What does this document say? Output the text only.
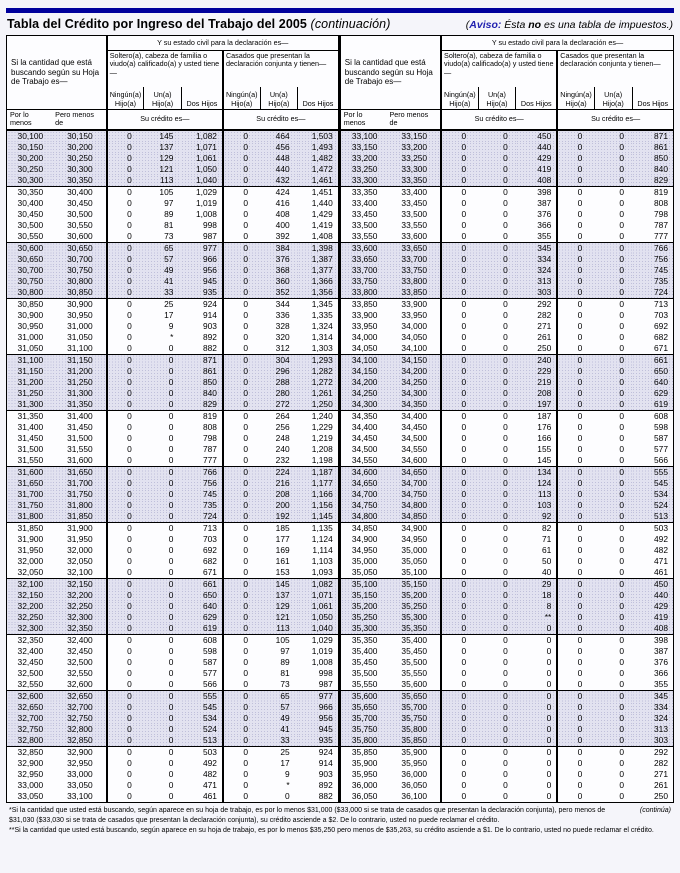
Tabla del Crédito por Ingreso del Trabajo del 2005 (continuación)	(Aviso: Ésta no es una tabla de impuestos.)
Si la cantidad que está buscando según su Hoja de Trabajo es—		Y su estado civil para la declaración es—					
		Soltero(a), cabeza de familia o viudo(a) calificado(a) y usted tiene—			Casados que presentan la declaración conjunta y tienen—		
		Ningún(a) Hijo(a)	Un(a) Hijo(a)	Dos Hijos	Ningún(a) Hijo(a)	Un(a) Hijo(a)	Dos Hijos
Por lo menos	Pero menos de	Su crédito es—			Su crédito es—		
30,100	30,150	0	145	1,082	0	464	1,503
30,150	30,200	0	137	1,071	0	456	1,493
30,200	30,250	0	129	1,061	0	448	1,482
30,250	30,300	0	121	1,050	0	440	1,472
30,300	30,350	0	113	1,040	0	432	1,461
30,350	30,400	0	105	1,029	0	424	1,451
30,400	30,450	0	97	1,019	0	416	1,440
30,450	30,500	0	89	1,008	0	408	1,429
30,500	30,550	0	81	998	0	400	1,419
30,550	30,600	0	73	987	0	392	1,408
30,600	30,650	0	65	977	0	384	1,398
30,650	30,700	0	57	966	0	376	1,387
30,700	30,750	0	49	956	0	368	1,377
30,750	30,800	0	41	945	0	360	1,366
30,800	30,850	0	33	935	0	352	1,356
30,850	30,900	0	25	924	0	344	1,345
30,900	30,950	0	17	914	0	336	1,335
30,950	31,000	0	9	903	0	328	1,324
31,000	31,050	0	*	892	0	320	1,314
31,050	31,100	0	0	882	0	312	1,303
31,100	31,150	0	0	871	0	304	1,293
31,150	31,200	0	0	861	0	296	1,282
31,200	31,250	0	0	850	0	288	1,272
31,250	31,300	0	0	840	0	280	1,261
31,300	31,350	0	0	829	0	272	1,250
31,350	31,400	0	0	819	0	264	1,240
31,400	31,450	0	0	808	0	256	1,229
31,450	31,500	0	0	798	0	248	1,219
31,500	31,550	0	0	787	0	240	1,208
31,550	31,600	0	0	777	0	232	1,198
31,600	31,650	0	0	766	0	224	1,187
31,650	31,700	0	0	756	0	216	1,177
31,700	31,750	0	0	745	0	208	1,166
31,750	31,800	0	0	735	0	200	1,156
31,800	31,850	0	0	724	0	192	1,145
31,850	31,900	0	0	713	0	185	1,135
31,900	31,950	0	0	703	0	177	1,124
31,950	32,000	0	0	692	0	169	1,114
32,000	32,050	0	0	682	0	161	1,103
32,050	32,100	0	0	671	0	153	1,093
32,100	32,150	0	0	661	0	145	1,082
32,150	32,200	0	0	650	0	137	1,071
32,200	32,250	0	0	640	0	129	1,061
32,250	32,300	0	0	629	0	121	1,050
32,300	32,350	0	0	619	0	113	1,040
32,350	32,400	0	0	608	0	105	1,029
32,400	32,450	0	0	598	0	97	1,019
32,450	32,500	0	0	587	0	89	1,008
32,500	32,550	0	0	577	0	81	998
32,550	32,600	0	0	566	0	73	987
32,600	32,650	0	0	555	0	65	977
32,650	32,700	0	0	545	0	57	966
32,700	32,750	0	0	534	0	49	956
32,750	32,800	0	0	524	0	41	945
32,800	32,850	0	0	513	0	33	935
32,850	32,900	0	0	503	0	25	924
32,900	32,950	0	0	492	0	17	914
32,950	33,000	0	0	482	0	9	903
33,000	33,050	0	0	471	0	*	892
33,050	33,100	0	0	461	0	0	882
Si la cantidad que está buscando según su Hoja de Trabajo es—		Y su estado civil para la declaración es—					
		Soltero(a), cabeza de familia o viudo(a) calificado(a) y usted tiene—			Casados que presentan la declaración conjunta y tienen—		
		Ningún(a) Hijo(a)	Un(a) Hijo(a)	Dos Hijos	Ningún(a) Hijo(a)	Un(a) Hijo(a)	Dos Hijos
Por lo menos	Pero menos de	Su crédito es—			Su crédito es—		
33,100	33,150	0	0	450	0	0	871
33,150	33,200	0	0	440	0	0	861
33,200	33,250	0	0	429	0	0	850
33,250	33,300	0	0	419	0	0	840
33,300	33,350	0	0	408	0	0	829
33,350	33,400	0	0	398	0	0	819
33,400	33,450	0	0	387	0	0	808
33,450	33,500	0	0	376	0	0	798
33,500	33,550	0	0	366	0	0	787
33,550	33,600	0	0	355	0	0	777
33,600	33,650	0	0	345	0	0	766
33,650	33,700	0	0	334	0	0	756
33,700	33,750	0	0	324	0	0	745
33,750	33,800	0	0	313	0	0	735
33,800	33,850	0	0	303	0	0	724
33,850	33,900	0	0	292	0	0	713
33,900	33,950	0	0	282	0	0	703
33,950	34,000	0	0	271	0	0	692
34,000	34,050	0	0	261	0	0	682
34,050	34,100	0	0	250	0	0	671
34,100	34,150	0	0	240	0	0	661
34,150	34,200	0	0	229	0	0	650
34,200	34,250	0	0	219	0	0	640
34,250	34,300	0	0	208	0	0	629
34,300	34,350	0	0	197	0	0	619
34,350	34,400	0	0	187	0	0	608
34,400	34,450	0	0	176	0	0	598
34,450	34,500	0	0	166	0	0	587
34,500	34,550	0	0	155	0	0	577
34,550	34,600	0	0	145	0	0	566
34,600	34,650	0	0	134	0	0	555
34,650	34,700	0	0	124	0	0	545
34,700	34,750	0	0	113	0	0	534
34,750	34,800	0	0	103	0	0	524
34,800	34,850	0	0	92	0	0	513
34,850	34,900	0	0	82	0	0	503
34,900	34,950	0	0	71	0	0	492
34,950	35,000	0	0	61	0	0	482
35,000	35,050	0	0	50	0	0	471
35,050	35,100	0	0	40	0	0	461
35,100	35,150	0	0	29	0	0	450
35,150	35,200	0	0	18	0	0	440
35,200	35,250	0	0	8	0	0	429
35,250	35,300	0	0	**	0	0	419
35,300	35,350	0	0	0	0	0	408
35,350	35,400	0	0	0	0	0	398
35,400	35,450	0	0	0	0	0	387
35,450	35,500	0	0	0	0	0	376
35,500	35,550	0	0	0	0	0	366
35,550	35,600	0	0	0	0	0	355
35,600	35,650	0	0	0	0	0	345
35,650	35,700	0	0	0	0	0	334
35,700	35,750	0	0	0	0	0	324
35,750	35,800	0	0	0	0	0	313
35,800	35,850	0	0	0	0	0	303
35,850	35,900	0	0	0	0	0	292
35,900	35,950	0	0	0	0	0	282
35,950	36,000	0	0	0	0	0	271
36,000	36,050	0	0	0	0	0	261
36,050	36,100	0	0	0	0	0	250
(continúa)

*Si la cantidad que usted está buscando, según aparece en su hoja de trabajo, es por lo menos $31,000 ($33,000 si se trata de casados que presentan la declaración conjunta), pero menos de $31,030 ($33,030 si se trata de casados que presentan la declaración conjunta), su crédito asciende a $2. De lo contrario, usted no puede reclamar el crédito.

**Si la cantidad que usted está buscando, según aparece en su hoja de trabajo, es por lo menos $35,250 pero menos de $35,263, su crédito asciende a $1. De lo contrario, usted no puede reclamar el crédito.
